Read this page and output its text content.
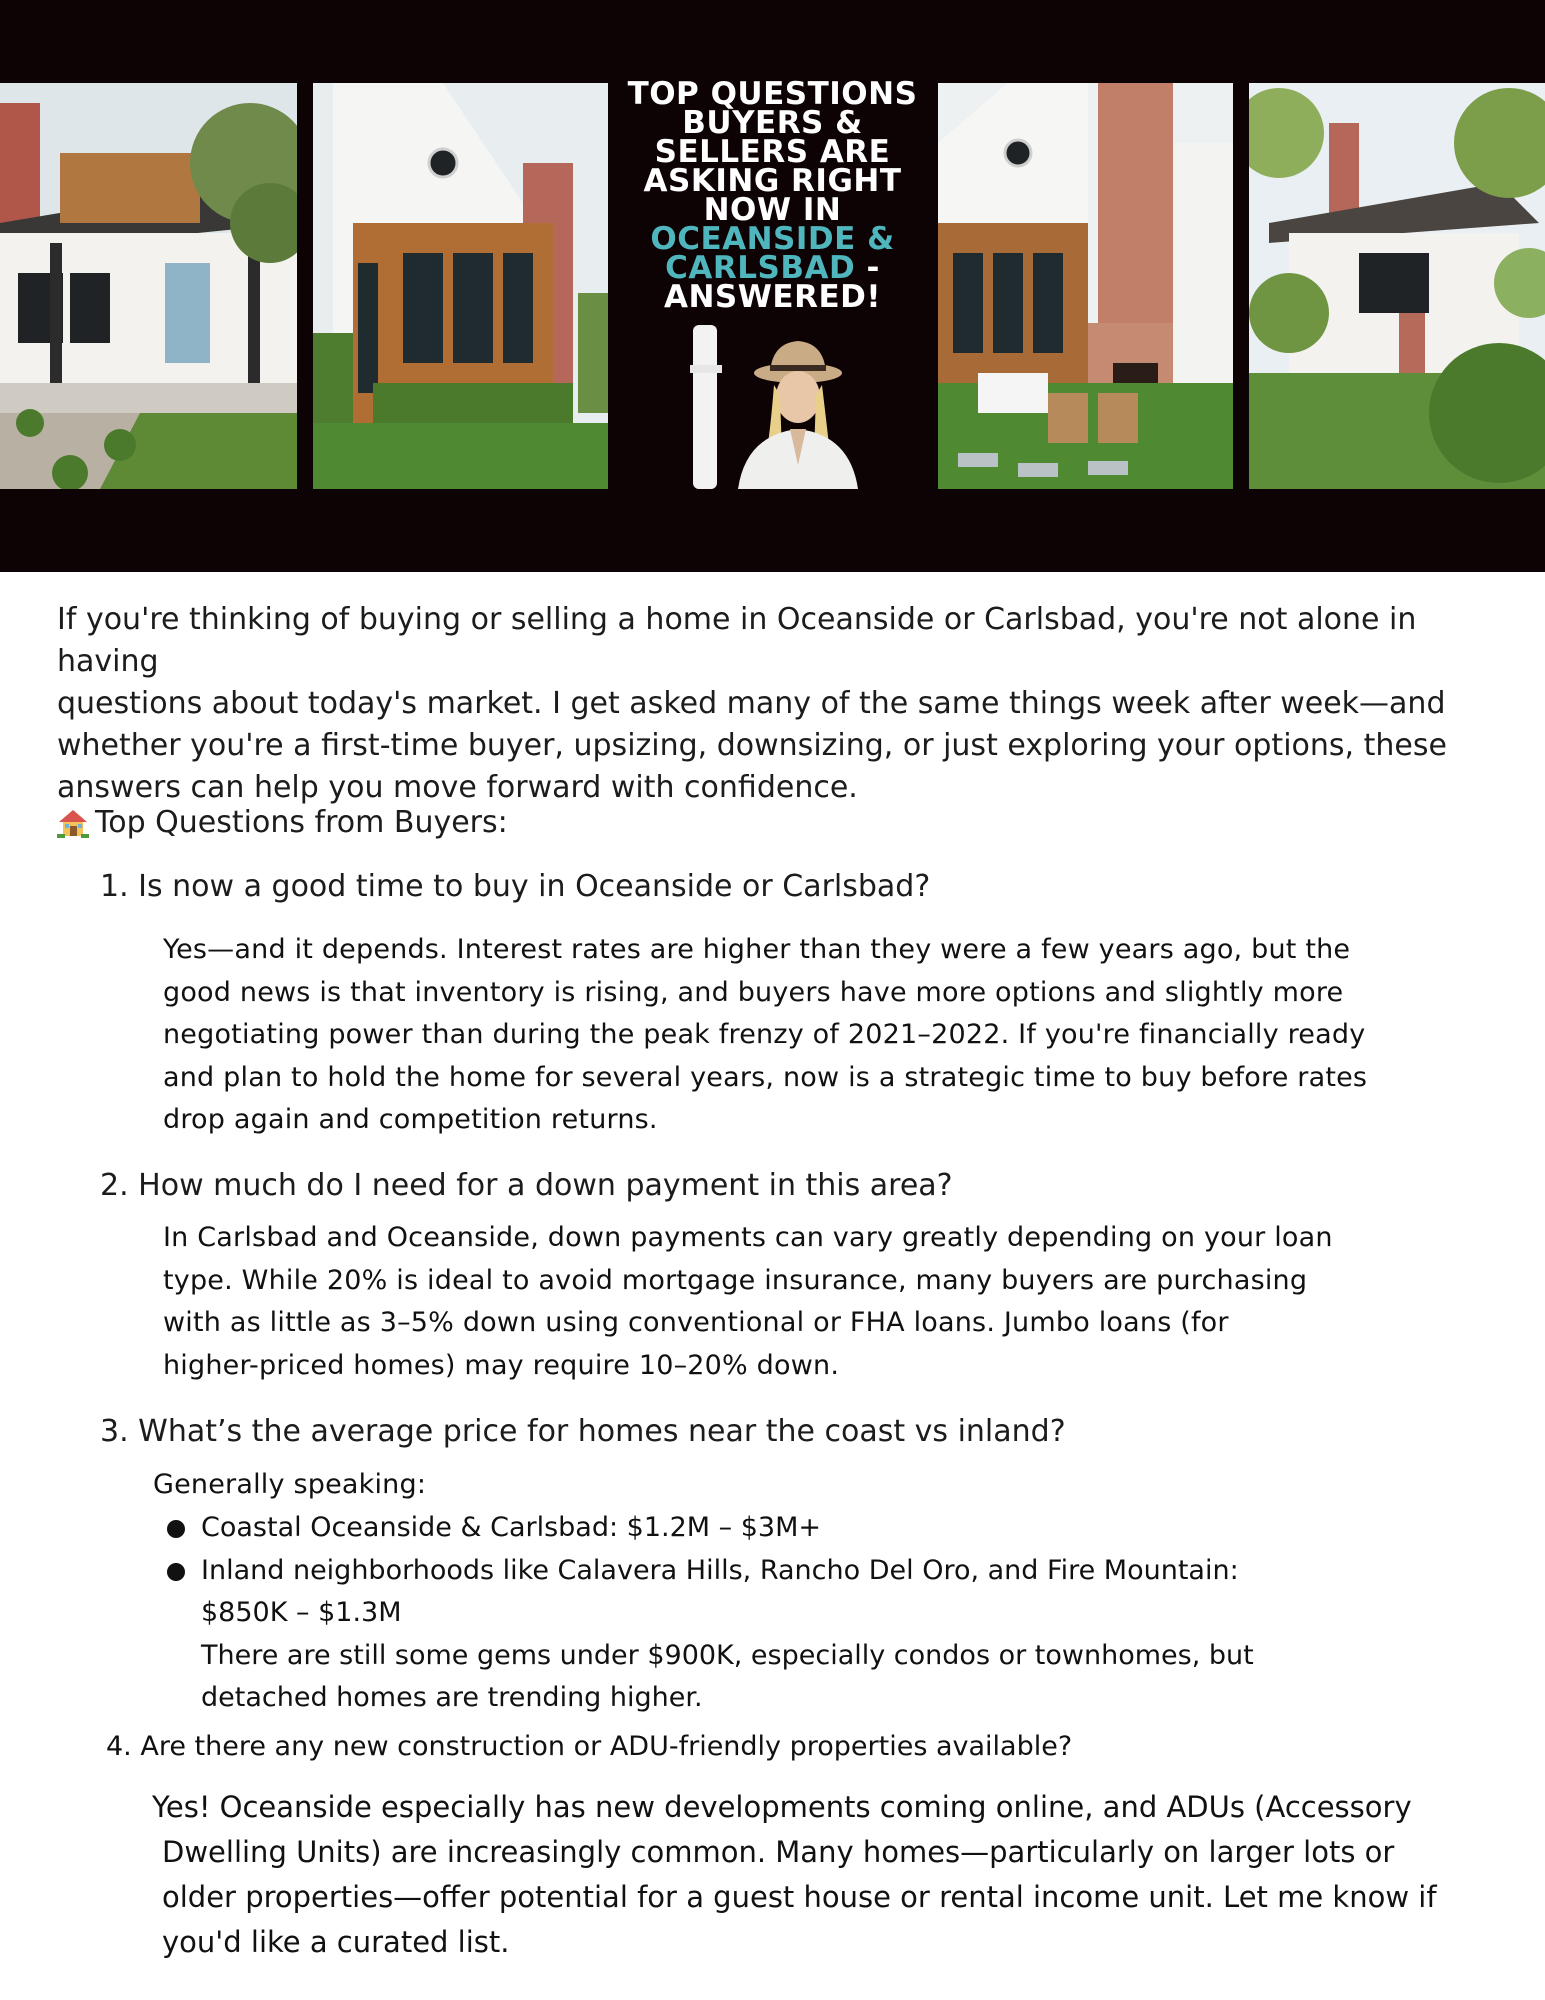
TOP QUESTIONS
BUYERS &
SELLERS ARE
ASKING RIGHT
NOW IN
OCEANSIDE &
CARLSBAD -
ANSWERED!
If you're thinking of buying or selling a home in Oceanside or Carlsbad, you're not alone in having
questions about today's market. I get asked many of the same things week after week—and
whether you're a first-time buyer, upsizing, downsizing, or just exploring your options, these
answers can help you move forward with confidence.
Top Questions from Buyers:
1. Is now a good time to buy in Oceanside or Carlsbad?
Yes—and it depends. Interest rates are higher than they were a few years ago, but the
good news is that inventory is rising, and buyers have more options and slightly more
negotiating power than during the peak frenzy of 2021–2022. If you're financially ready
and plan to hold the home for several years, now is a strategic time to buy before rates
drop again and competition returns.
2. How much do I need for a down payment in this area?
In Carlsbad and Oceanside, down payments can vary greatly depending on your loan
type. While 20% is ideal to avoid mortgage insurance, many buyers are purchasing
with as little as 3–5% down using conventional or FHA loans. Jumbo loans (for
higher-priced homes) may require 10–20% down.
3. What’s the average price for homes near the coast vs inland?
Generally speaking:
Coastal Oceanside & Carlsbad: $1.2M – $3M+
Inland neighborhoods like Calavera Hills, Rancho Del Oro, and Fire Mountain:
$850K – $1.3M
There are still some gems under $900K, especially condos or townhomes, but
detached homes are trending higher.
4. Are there any new construction or ADU-friendly properties available?
Yes! Oceanside especially has new developments coming online, and ADUs (Accessory
Dwelling Units) are increasingly common. Many homes—particularly on larger lots or
older properties—offer potential for a guest house or rental income unit. Let me know if
you'd like a curated list.
